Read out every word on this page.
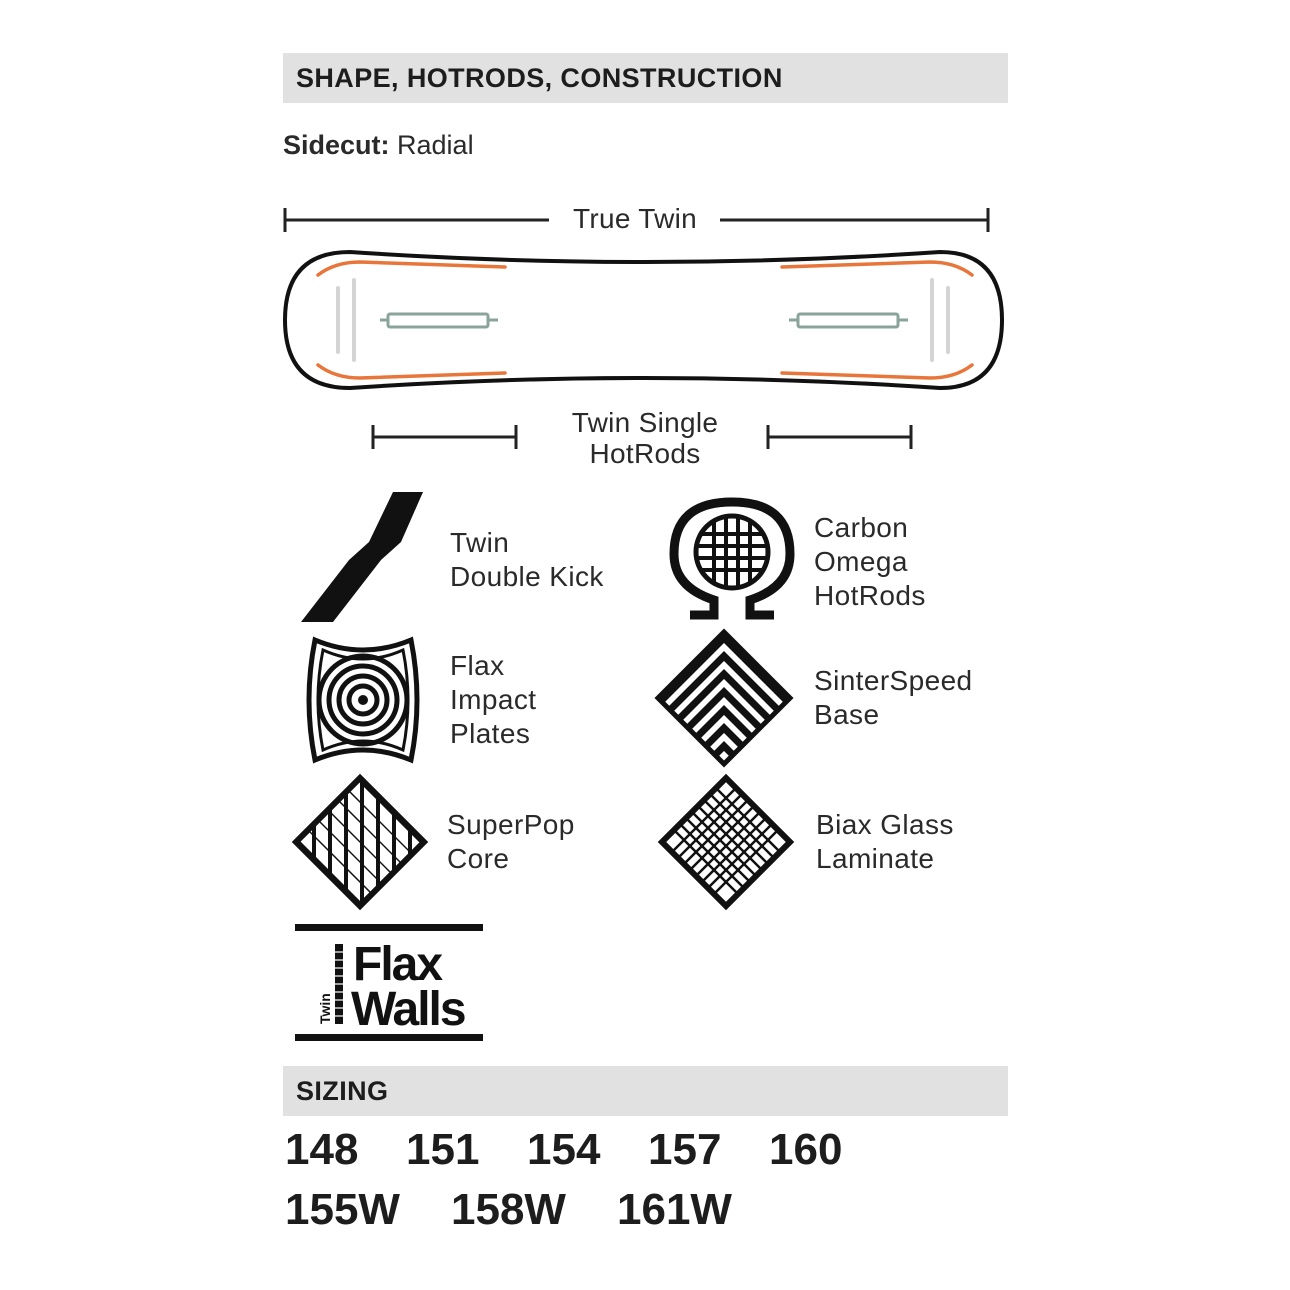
SHAPE, HOTRODS, CONSTRUCTION
Sidecut: Radial
True Twin
Twin Single
HotRods
Twin
Double Kick
Carbon
Omega
HotRods
Flax
Impact
Plates
SinterSpeed
Base
SuperPop
Core
Biax Glass
Laminate
Twin
Flax
Walls
SIZING
148	151	154	157	160
155W	158W	161W
